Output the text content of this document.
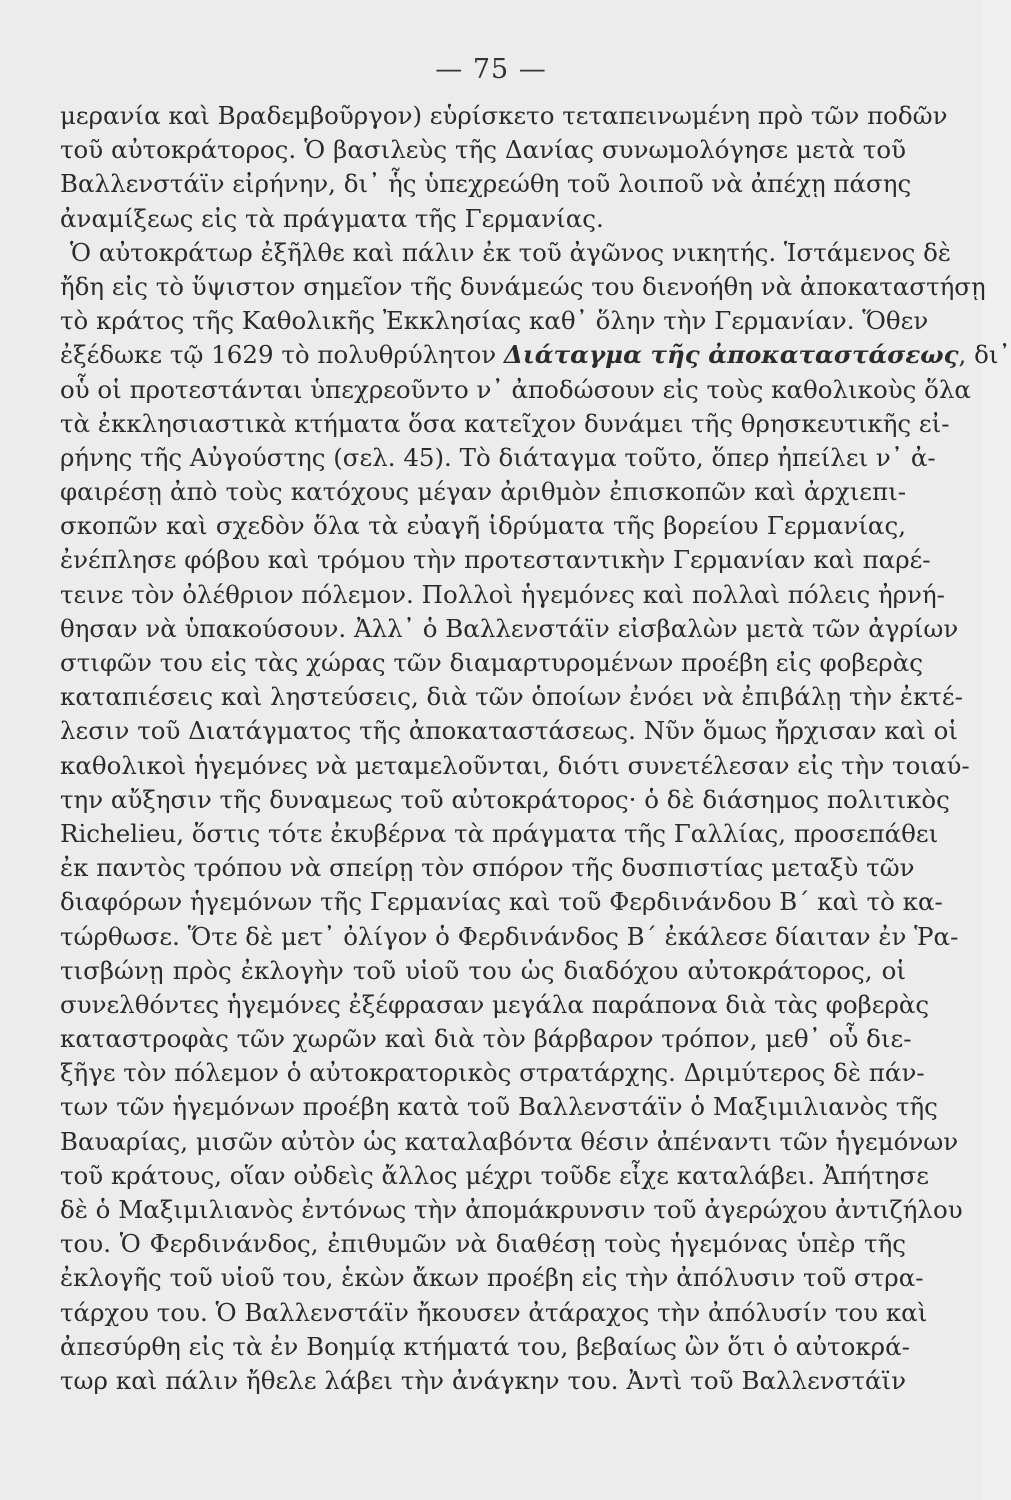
— 75 —
μερανία καὶ Βραδεμβοῦργον) εὑρίσκετο τεταπεινωμένη πρὸ τῶν ποδῶν
τοῦ αὐτοκράτορος. Ὁ βασιλεὺς τῆς Δανίας συνωμολόγησε μετὰ τοῦ
Βαλλενστάϊν εἰρήνην, δι᾿ ἧς ὑπεχρεώθη τοῦ λοιποῦ νὰ ἀπέχῃ πάσης
ἀναμίξεως εἰς τὰ πράγματα τῆς Γερμανίας.
Ὁ αὐτοκράτωρ ἐξῆλθε καὶ πάλιν ἐκ τοῦ ἀγῶνος νικητής. Ἱστάμενος δὲ
ἤδη εἰς τὸ ὕψιστον σημεῖον τῆς δυνάμεώς του διενοήθη νὰ ἀποκαταστήσῃ
τὸ κράτος τῆς Καθολικῆς Ἐκκλησίας καθ᾿ ὅλην τὴν Γερμανίαν. Ὅθεν
ἐξέδωκε τῷ 1629 τὸ πολυθρύλητον Διάταγμα τῆς ἀποκαταστάσεως, δι᾿
οὗ οἱ προτεστάνται ὑπεχρεοῦντο ν᾿ ἀποδώσουν εἰς τοὺς καθολικοὺς ὅλα
τὰ ἐκκλησιαστικὰ κτήματα ὅσα κατεῖχον δυνάμει τῆς θρησκευτικῆς εἰ-
ρήνης τῆς Αὐγούστης (σελ. 45). Τὸ διάταγμα τοῦτο, ὅπερ ἠπείλει ν᾿ ἀ-
φαιρέσῃ ἀπὸ τοὺς κατόχους μέγαν ἀριθμὸν ἐπισκοπῶν καὶ ἀρχιεπι-
σκοπῶν καὶ σχεδὸν ὅλα τὰ εὐαγῆ ἱδρύματα τῆς βορείου Γερμανίας,
ἐνέπλησε φόβου καὶ τρόμου τὴν προτεσταντικὴν Γερμανίαν καὶ παρέ-
τεινε τὸν ὀλέθριον πόλεμον. Πολλοὶ ἡγεμόνες καὶ πολλαὶ πόλεις ἠρνή-
θησαν νὰ ὑπακούσουν. Ἀλλ᾿ ὁ Βαλλενστάϊν εἰσβαλὼν μετὰ τῶν ἀγρίων
στιφῶν του εἰς τὰς χώρας τῶν διαμαρτυρομένων προέβη εἰς φοβερὰς
καταπιέσεις καὶ ληστεύσεις, διὰ τῶν ὁποίων ἐνόει νὰ ἐπιβάλῃ τὴν ἐκτέ-
λεσιν τοῦ Διατάγματος τῆς ἀποκαταστάσεως. Νῦν ὅμως ἤρχισαν καὶ οἱ
καθολικοὶ ἡγεμόνες νὰ μεταμελοῦνται, διότι συνετέλεσαν εἰς τὴν τοιαύ-
την αὔξησιν τῆς δυναμεως τοῦ αὐτοκράτορος· ὁ δὲ διάσημος πολιτικὸς
Richelieu, ὅστις τότε ἐκυβέρνα τὰ πράγματα τῆς Γαλλίας, προσεπάθει
ἐκ παντὸς τρόπου νὰ σπείρῃ τὸν σπόρον τῆς δυσπιστίας μεταξὺ τῶν
διαφόρων ἡγεμόνων τῆς Γερμανίας καὶ τοῦ Φερδινάνδου Β΄ καὶ τὸ κα-
τώρθωσε. Ὅτε δὲ μετ᾿ ὀλίγον ὁ Φερδινάνδος Β΄ ἐκάλεσε δίαιταν ἐν Ῥα-
τισβώνῃ πρὸς ἐκλογὴν τοῦ υἱοῦ του ὡς διαδόχου αὐτοκράτορος, οἱ
συνελθόντες ἡγεμόνες ἐξέφρασαν μεγάλα παράπονα διὰ τὰς φοβερὰς
καταστροφὰς τῶν χωρῶν καὶ διὰ τὸν βάρβαρον τρόπον, μεθ᾿ οὗ διε-
ξῆγε τὸν πόλεμον ὁ αὐτοκρατορικὸς στρατάρχης. Δριμύτερος δὲ πάν-
των τῶν ἡγεμόνων προέβη κατὰ τοῦ Βαλλενστάϊν ὁ Μαξιμιλιανὸς τῆς
Βαυαρίας, μισῶν αὐτὸν ὡς καταλαβόντα θέσιν ἀπέναντι τῶν ἡγεμόνων
τοῦ κράτους, οἵαν οὐδεὶς ἄλλος μέχρι τοῦδε εἶχε καταλάβει. Ἀπήτησε
δὲ ὁ Μαξιμιλιανὸς ἐντόνως τὴν ἀπομάκρυνσιν τοῦ ἀγερώχου ἀντιζήλου
του. Ὁ Φερδινάνδος, ἐπιθυμῶν νὰ διαθέσῃ τοὺς ἡγεμόνας ὑπὲρ τῆς
ἐκλογῆς τοῦ υἱοῦ του, ἑκὼν ἄκων προέβη εἰς τὴν ἀπόλυσιν τοῦ στρα-
τάρχου του. Ὁ Βαλλενστάϊν ἤκουσεν ἀτάραχος τὴν ἀπόλυσίν του καὶ
ἀπεσύρθη εἰς τὰ ἐν Βοημίᾳ κτήματά του, βεβαίως ὢν ὅτι ὁ αὐτοκρά-
τωρ καὶ πάλιν ἤθελε λάβει τὴν ἀνάγκην του. Ἀντὶ τοῦ Βαλλενστάϊν
